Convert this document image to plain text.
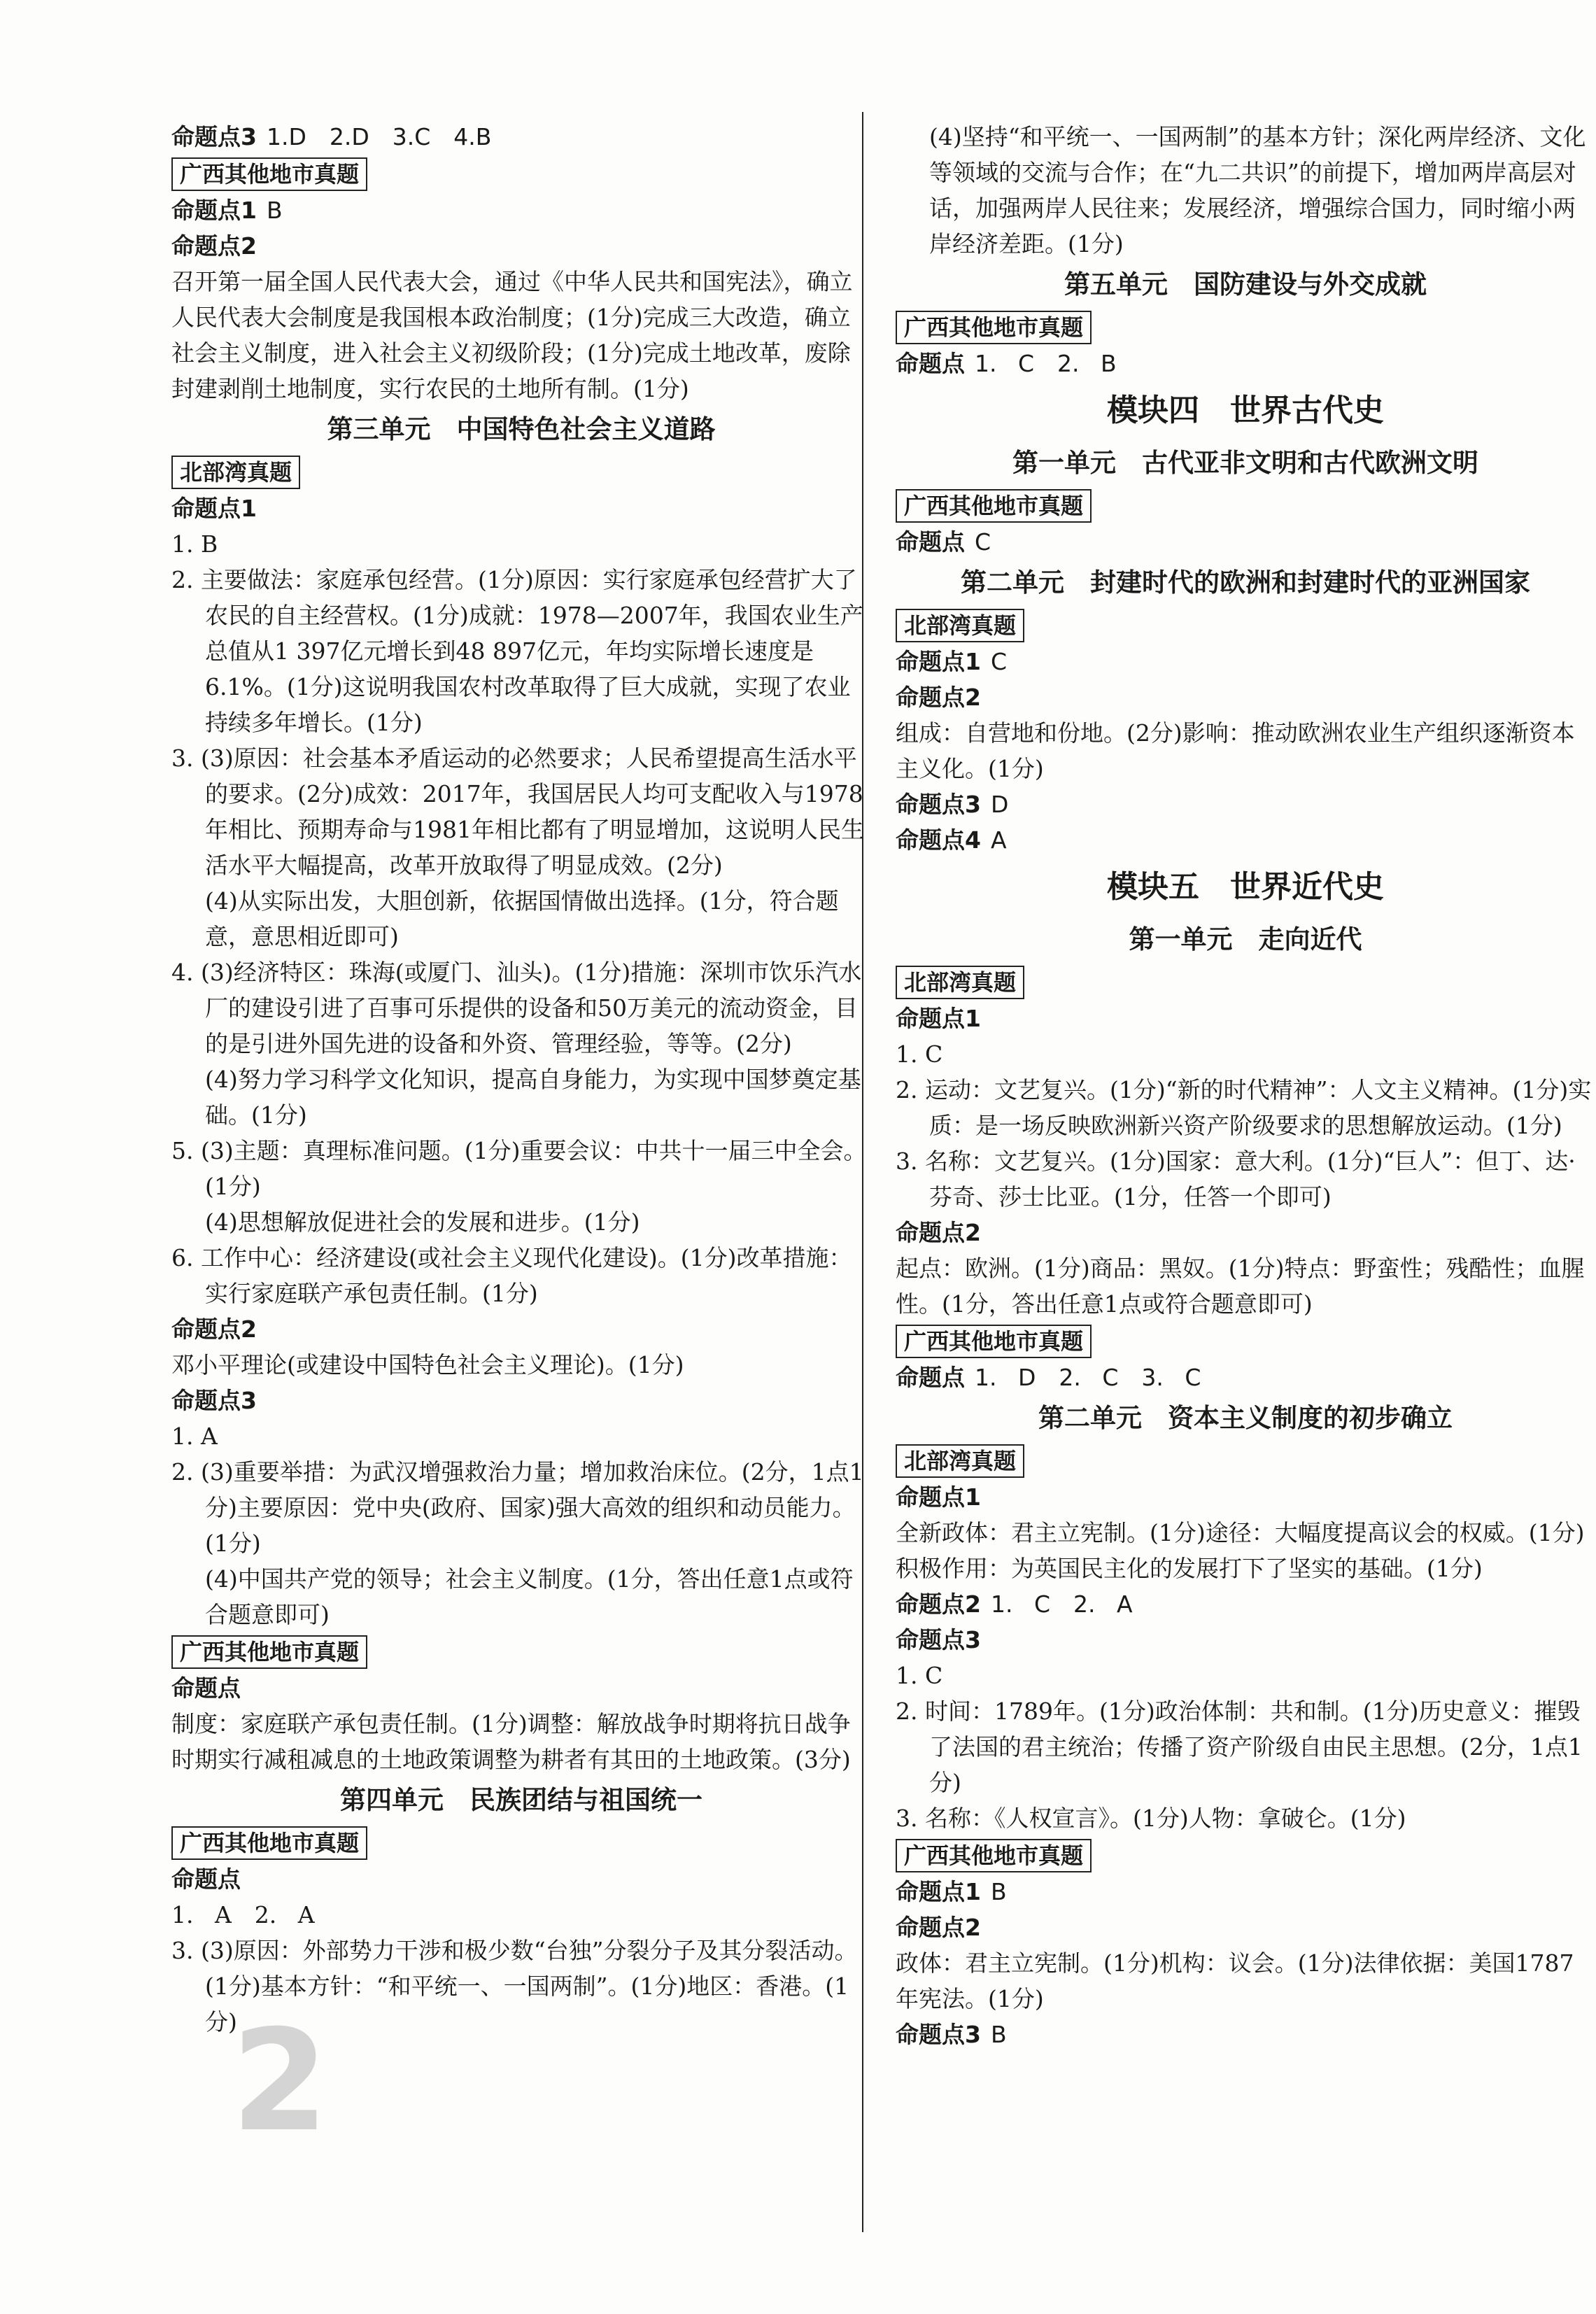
2

命题点3 1.D　2.D　3.C　4.B

广西其他地市真题

命题点1 B

命题点2

召开第一届全国人民代表大会，通过《中华人民共和国宪法》，确立人民代表大会制度是我国根本政治制度；(1分)完成三大改造，确立社会主义制度，进入社会主义初级阶段；(1分)完成土地改革，废除封建剥削土地制度，实行农民的土地所有制。(1分)

第三单元　中国特色社会主义道路
北部湾真题

命题点1

1. B

2. 主要做法：家庭承包经营。(1分)原因：实行家庭承包经营扩大了农民的自主经营权。(1分)成就：1978—2007年，我国农业生产总值从1 397亿元增长到48 897亿元，年均实际增长速度是6.1%。(1分)这说明我国农村改革取得了巨大成就，实现了农业持续多年增长。(1分)

3. (3)原因：社会基本矛盾运动的必然要求；人民希望提高生活水平的要求。(2分)成效：2017年，我国居民人均可支配收入与1978年相比、预期寿命与1981年相比都有了明显增加，这说明人民生活水平大幅提高，改革开放取得了明显成效。(2分)

(4)从实际出发，大胆创新，依据国情做出选择。(1分，符合题意，意思相近即可)

4. (3)经济特区：珠海(或厦门、汕头)。(1分)措施：深圳市饮乐汽水厂的建设引进了百事可乐提供的设备和50万美元的流动资金，目的是引进外国先进的设备和外资、管理经验，等等。(2分)

(4)努力学习科学文化知识，提高自身能力，为实现中国梦奠定基础。(1分)

5. (3)主题：真理标准问题。(1分)重要会议：中共十一届三中全会。(1分)

(4)思想解放促进社会的发展和进步。(1分)

6. 工作中心：经济建设(或社会主义现代化建设)。(1分)改革措施：实行家庭联产承包责任制。(1分)

命题点2

邓小平理论(或建设中国特色社会主义理论)。(1分)

命题点3

1. A

2. (3)重要举措：为武汉增强救治力量；增加救治床位。(2分，1点1分)主要原因：党中央(政府、国家)强大高效的组织和动员能力。(1分)

(4)中国共产党的领导；社会主义制度。(1分，答出任意1点或符合题意即可)

广西其他地市真题

命题点

制度：家庭联产承包责任制。(1分)调整：解放战争时期将抗日战争时期实行减租减息的土地政策调整为耕者有其田的土地政策。(3分)

第四单元　民族团结与祖国统一
广西其他地市真题

命题点

1. A　2. A

3. (3)原因：外部势力干涉和极少数“台独”分裂分子及其分裂活动。(1分)基本方针：“和平统一、一国两制”。(1分)地区：香港。(1分)

(4)坚持“和平统一、一国两制”的基本方针；深化两岸经济、文化等领域的交流与合作；在“九二共识”的前提下，增加两岸高层对话，加强两岸人民往来；发展经济，增强综合国力，同时缩小两岸经济差距。(1分)

第五单元　国防建设与外交成就
广西其他地市真题

命题点 1. C　2. B

模块四　世界古代史
第一单元　古代亚非文明和古代欧洲文明
广西其他地市真题

命题点 C

第二单元　封建时代的欧洲和封建时代的亚洲国家
北部湾真题

命题点1 C

命题点2

组成：自营地和份地。(2分)影响：推动欧洲农业生产组织逐渐资本主义化。(1分)

命题点3 D

命题点4 A

模块五　世界近代史
第一单元　走向近代
北部湾真题

命题点1

1. C

2. 运动：文艺复兴。(1分)“新的时代精神”：人文主义精神。(1分)实质：是一场反映欧洲新兴资产阶级要求的思想解放运动。(1分)

3. 名称：文艺复兴。(1分)国家：意大利。(1分)“巨人”：但丁、达·芬奇、莎士比亚。(1分，任答一个即可)

命题点2

起点：欧洲。(1分)商品：黑奴。(1分)特点：野蛮性；残酷性；血腥性。(1分，答出任意1点或符合题意即可)

广西其他地市真题

命题点 1. D　2. C　3. C

第二单元　资本主义制度的初步确立
北部湾真题

命题点1

全新政体：君主立宪制。(1分)途径：大幅度提高议会的权威。(1分)积极作用：为英国民主化的发展打下了坚实的基础。(1分)

命题点2 1. C　2. A

命题点3

1. C

2. 时间：1789年。(1分)政治体制：共和制。(1分)历史意义：摧毁了法国的君主统治；传播了资产阶级自由民主思想。(2分，1点1分)

3. 名称：《人权宣言》。(1分)人物：拿破仑。(1分)

广西其他地市真题

命题点1 B

命题点2

政体：君主立宪制。(1分)机构：议会。(1分)法律依据：美国1787年宪法。(1分)

命题点3 B
